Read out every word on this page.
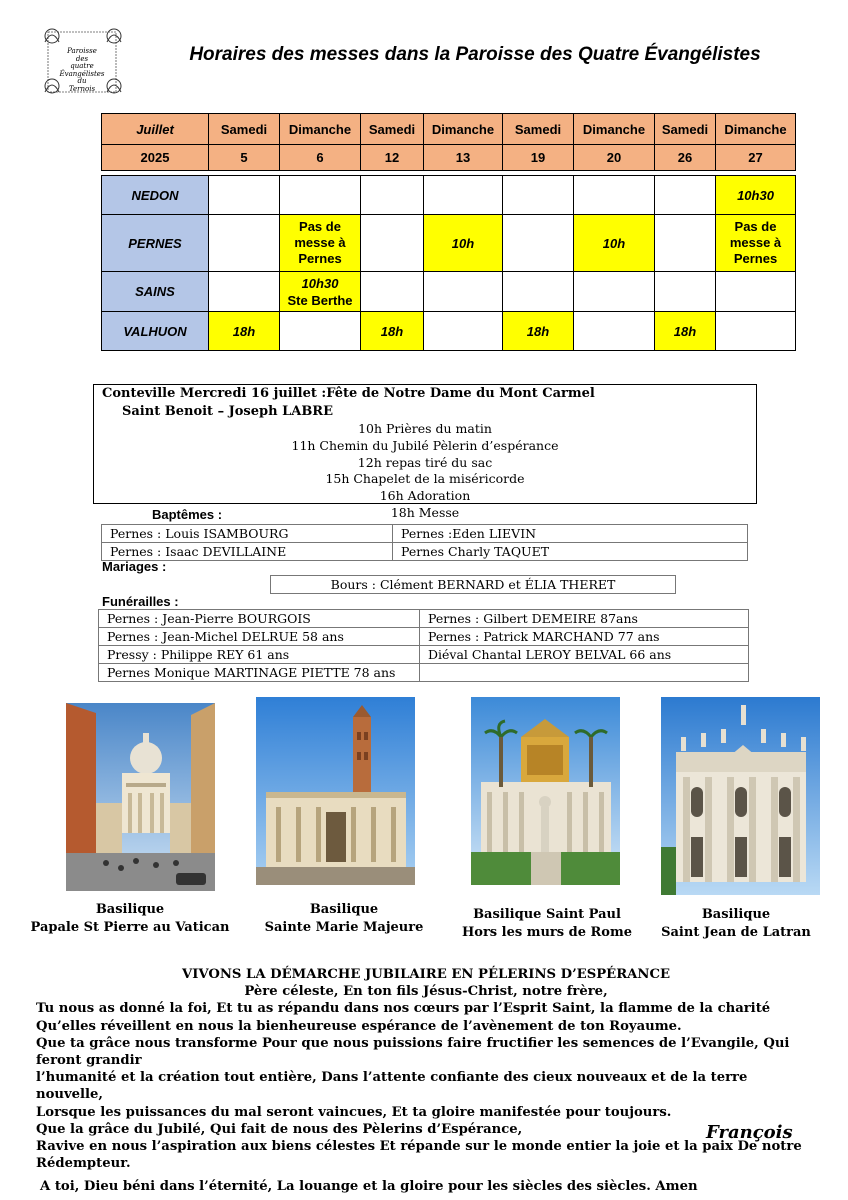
Paroisse
des
quatre
Évangélistes
du
Ternois
Horaires des messes dans la Paroisse des Quatre Évangélistes
Juillet	Samedi	Dimanche	Samedi	Dimanche	Samedi	Dimanche	Samedi	Dimanche
2025	5	6	12	13	19	20	26	27

NEDON								10h30
PERNES		Pas de messe à Pernes		10h		10h		Pas de messe à Pernes

SAINS		10h30
Ste Berthe						

VALHUON	18h		18h		18h		18h	
Conteville Mercredi 16 juillet :Fête de Notre Dame du Mont Carmel Saint Benoit – Joseph LABRE
10h Prières du matin
11h Chemin du Jubilé Pèlerin d’espérance
12h repas tiré du sac
15h Chapelet de la miséricorde
16h Adoration
18h Messe
Baptêmes :
Pernes : Louis ISAMBOURG	Pernes :Eden LIEVIN
Pernes : Isaac DEVILLAINE	Pernes Charly TAQUET
Mariages :
Bours : Clément BERNARD et ÉLIA THERET
Funérailles :
Pernes : Jean-Pierre BOURGOIS	Pernes : Gilbert DEMEIRE 87ans
Pernes : Jean-Michel DELRUE 58 ans	Pernes : Patrick MARCHAND 77 ans
Pressy : Philippe REY 61 ans	Diéval Chantal LEROY BELVAL 66 ans
Pernes Monique MARTINAGE PIETTE 78 ans	
Basilique
Papale St Pierre au Vatican
Basilique
Sainte Marie Majeure
Basilique Saint Paul
Hors les murs de Rome
Basilique
Saint Jean de Latran
VIVONS LA DÉMARCHE JUBILAIRE EN PÉLERINS D’ESPÉRANCE
Père céleste, En ton fils Jésus-Christ, notre frère,
Tu nous as donné la foi, Et tu as répandu dans nos cœurs par l’Esprit Saint, la flamme de la charité
Qu’elles réveillent en nous la bienheureuse espérance de l’avènement de ton Royaume.
Que ta grâce nous transforme Pour que nous puissions faire fructifier les semences de l’Evangile, Qui feront grandir
l’humanité et la création tout entière, Dans l’attente confiante des cieux nouveaux et de la terre nouvelle,
Lorsque les puissances du mal seront vaincues, Et ta gloire manifestée pour toujours.
Que la grâce du Jubilé, Qui fait de nous des Pèlerins d’Espérance,
Ravive en nous l’aspiration aux biens célestes Et répande sur le monde entier la joie et la paix De notre Rédempteur.
A toi, Dieu béni dans l’éternité, La louange et la gloire pour les siècles des siècles. Amen
François
